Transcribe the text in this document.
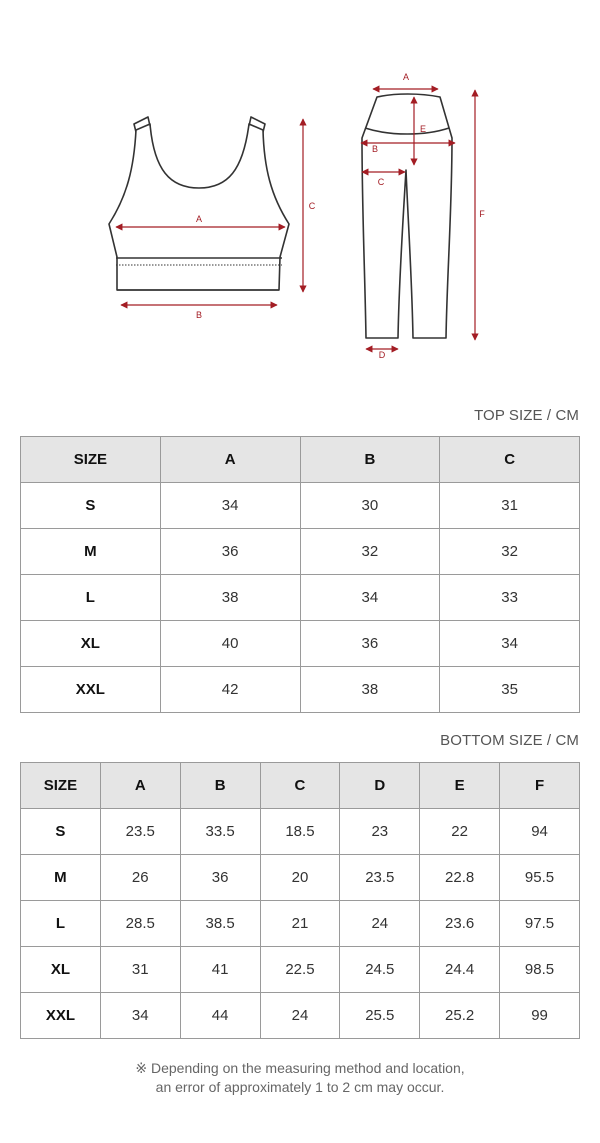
A
B
C
A
B
C
D
E
F
TOP SIZE / CM
SIZE	A	B	C
S	34	30	31
M	36	32	32
L	38	34	33
XL	40	36	34
XXL	42	38	35
BOTTOM SIZE / CM
SIZE	A	B	C	D	E	F
S	23.5	33.5	18.5	23	22	94
M	26	36	20	23.5	22.8	95.5
L	28.5	38.5	21	24	23.6	97.5
XL	31	41	22.5	24.5	24.4	98.5
XXL	34	44	24	25.5	25.2	99
※ Depending on the measuring method and location,
an error of approximately 1 to 2 cm may occur.
